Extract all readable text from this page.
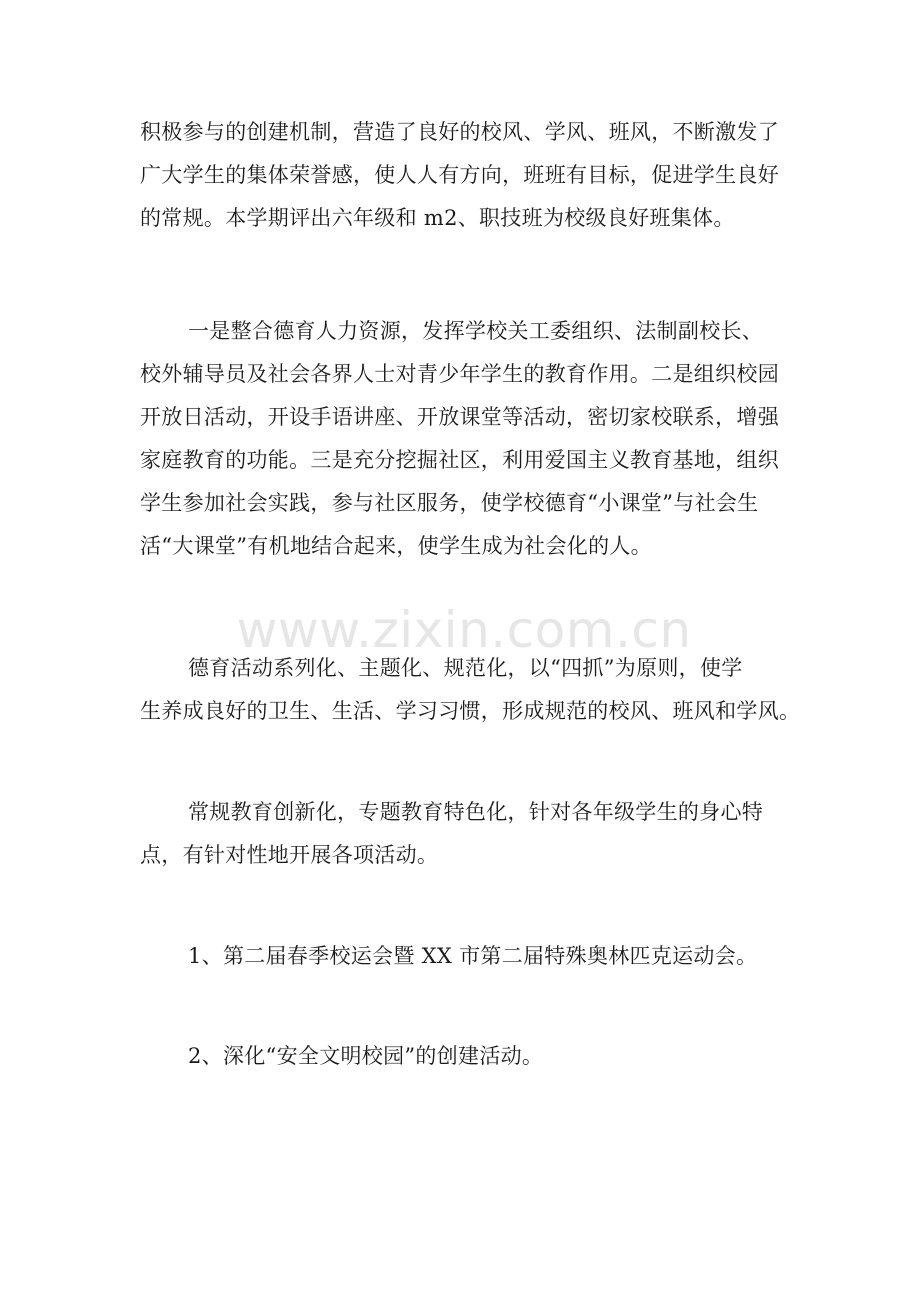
积极参与的创建机制，营造了良好的校风、学风、班风，不断激发了
广大学生的集体荣誉感，使人人有方向，班班有目标，促进学生良好
的常规。本学期评出六年级和 m2、职技班为校级良好班集体。
一是整合德育人力资源，发挥学校关工委组织、法制副校长、
校外辅导员及社会各界人士对青少年学生的教育作用。二是组织校园
开放日活动，开设手语讲座、开放课堂等活动，密切家校联系，增强
家庭教育的功能。三是充分挖掘社区，利用爱国主义教育基地，组织
学生参加社会实践，参与社区服务，使学校德育“小课堂”与社会生
活“大课堂”有机地结合起来，使学生成为社会化的人。
www.zixin.com.cn
德育活动系列化、主题化、规范化，以“四抓”为原则，使学
生养成良好的卫生、生活、学习习惯，形成规范的校风、班风和学风。
常规教育创新化，专题教育特色化，针对各年级学生的身心特
点，有针对性地开展各项活动。
1、第二届春季校运会暨 XX 市第二届特殊奥林匹克运动会。
2、深化“安全文明校园”的创建活动。
